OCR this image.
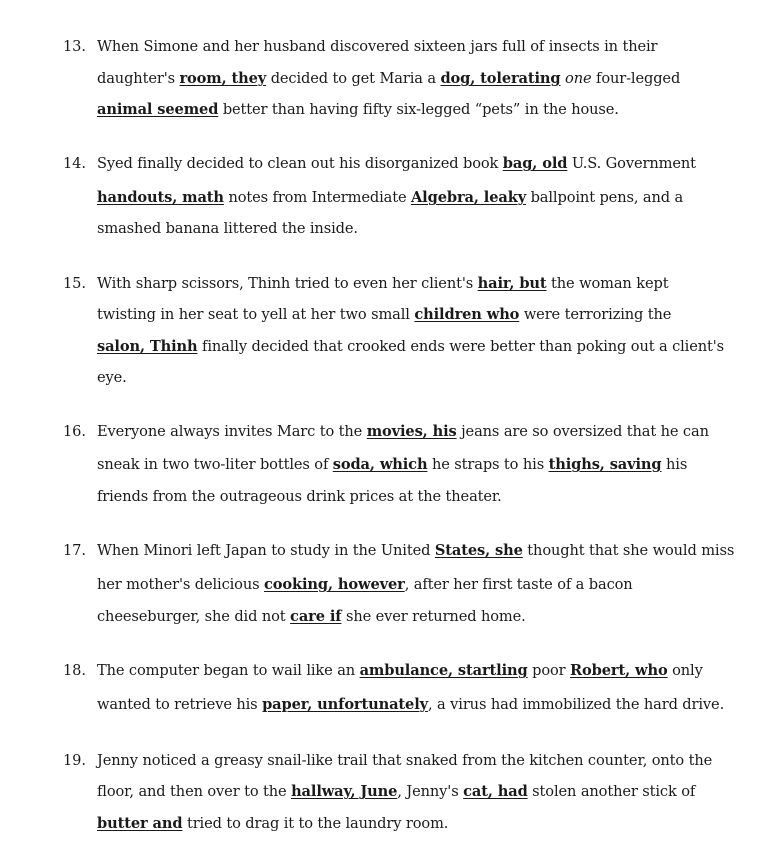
13. When Simone and her husband discovered sixteen jars full of insects in their
daughter's room, they decided to get Maria a dog, tolerating one four-legged
animal seemed better than having fifty six-legged “pets” in the house.
14. Syed finally decided to clean out his disorganized book bag, old U.S. Government
handouts, math notes from Intermediate Algebra, leaky ballpoint pens, and a
smashed banana littered the inside.
15. With sharp scissors, Thinh tried to even her client's hair, but the woman kept
twisting in her seat to yell at her two small children who were terrorizing the
salon, Thinh finally decided that crooked ends were better than poking out a client's
eye.
16. Everyone always invites Marc to the movies, his jeans are so oversized that he can
sneak in two two-liter bottles of soda, which he straps to his thighs, saving his
friends from the outrageous drink prices at the theater.
17. When Minori left Japan to study in the United States, she thought that she would miss
her mother's delicious cooking, however, after her first taste of a bacon
cheeseburger, she did not care if she ever returned home.
18. The computer began to wail like an ambulance, startling poor Robert, who only
wanted to retrieve his paper, unfortunately, a virus had immobilized the hard drive.
19. Jenny noticed a greasy snail-like trail that snaked from the kitchen counter, onto the
floor, and then over to the hallway, June, Jenny's cat, had stolen another stick of
butter and tried to drag it to the laundry room.
